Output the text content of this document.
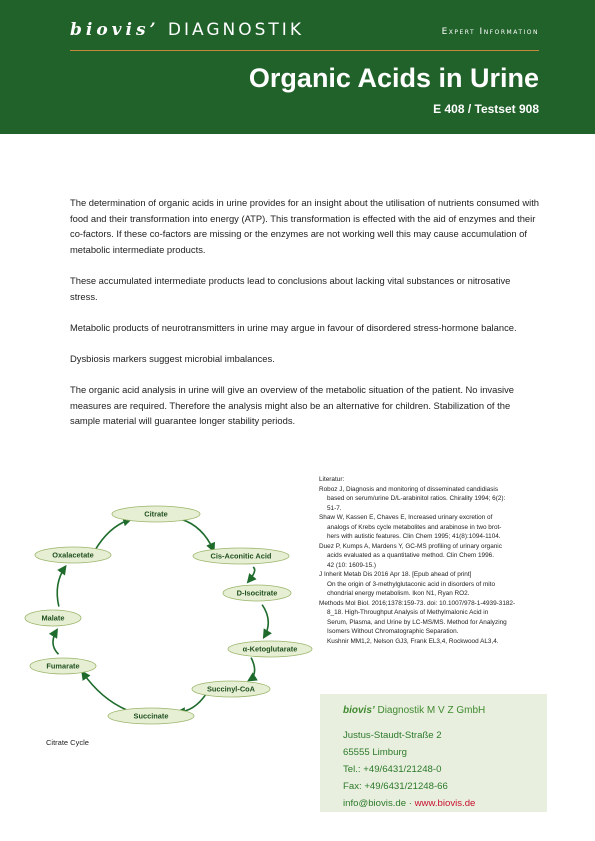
biovis’ DIAGNOSTIK	Expert Information
Organic Acids in Urine
E 408 / Testset 908

The determination of organic acids in urine provides for an insight about the utilisation of nutrients consumed with food and their transformation into energy (ATP). This transformation is effected with the aid of enzymes and their co-factors. If these co-factors are missing or the enzymes are not working well this may cause accumulation of metabolic intermediate products.

These accumulated intermediate products lead to conclusions about lacking vital substances or nitrosative stress.

Metabolic products of neurotransmitters in urine may argue in favour of disordered stress-hormone balance.

Dysbiosis markers suggest microbial imbalances.

The organic acid analysis in urine will give an overview of the metabolic situation of the patient. No invasive measures are required. Therefore the analysis might also be an alternative for children. Stabilization of the sample material will guarantee longer stability periods.

Citrate
Cis-Aconitic Acid
D-Isocitrate
α-Ketoglutarate
Succinyl-CoA
Succinate
Fumarate
Malate
Oxalacetate
Citrate Cycle

Literatur:

Roboz J, Diagnosis and monitoring of disseminated candidiasis

based on serum/urine D/L-arabinitol ratios. Chirality 1994; 6(2):

51-7.

Shaw W, Kassen E, Chaves E, Increased urinary excretion of

analogs of Krebs cycle metabolites and arabinose in two brot-

hers with autistic features. Clin Chem 1995; 41(8):1094-1104.

Duez P, Kumps A, Mardens Y, GC-MS profiling of urinary organic

acids evaluated as a quantitative method. Clin Chem 1996.

42 (10: 1609-15.)

J Inherit Metab Dis 2016 Apr 18. [Epub ahead of print]

On the origin of 3-methylglutaconic acid in disorders of mito

chondrial energy metabolism. Ikon N1, Ryan RO2.

Methods Mol Biol. 2016;1378:159-73. doi: 10.1007/978-1-4939-3182-

8_18. High-Throughput Analysis of Methylmalonic Acid in

Serum, Plasma, and Urine by LC-MS/MS. Method for Analyzing

Isomers Without Chromatographic Separation.

Kushnir MM1,2, Nelson GJ3, Frank EL3,4, Rockwood AL3,4.

biovis’ Diagnostik M V Z GmbH
Justus-Staudt-Straße 2
65555 Limburg
Tel.: +49/6431/21248-0
Fax: +49/6431/21248-66
info@biovis.de · www.biovis.de
